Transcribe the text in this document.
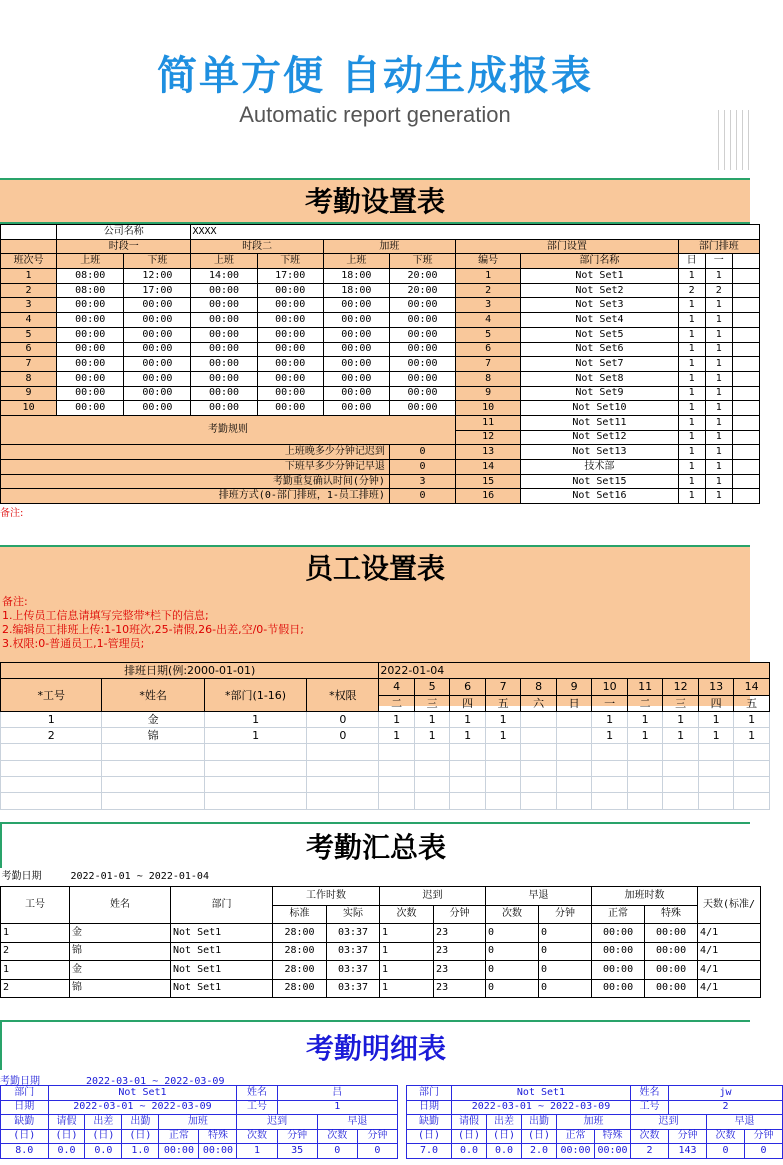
简单方便 自动生成报表
Automatic report generation
考勤设置表
	公司名称		XXXX								
	时段一		时段二		加班		部门设置		部门排班		
班次号	上班	下班	上班	下班	上班	下班	编号	部门名称	日	一	
1	08:00	12:00	14:00	17:00	18:00	20:00	1	Not Set1	1	1	
2	08:00	17:00	00:00	00:00	18:00	20:00	2	Not Set2	2	2	
3	00:00	00:00	00:00	00:00	00:00	00:00	3	Not Set3	1	1	
4	00:00	00:00	00:00	00:00	00:00	00:00	4	Not Set4	1	1	
5	00:00	00:00	00:00	00:00	00:00	00:00	5	Not Set5	1	1	
6	00:00	00:00	00:00	00:00	00:00	00:00	6	Not Set6	1	1	
7	00:00	00:00	00:00	00:00	00:00	00:00	7	Not Set7	1	1	
8	00:00	00:00	00:00	00:00	00:00	00:00	8	Not Set8	1	1	
9	00:00	00:00	00:00	00:00	00:00	00:00	9	Not Set9	1	1	
10	00:00	00:00	00:00	00:00	00:00	00:00	10	Not Set10	1	1	
考勤规则							11	Not Set11	1	1	
							12	Not Set12	1	1	
上班晚多少分钟记迟到						0	13	Not Set13	1	1	
下班早多少分钟记早退						0	14	技术部	1	1	
考勤重复确认时间(分钟)						3	15	Not Set15	1	1	
排班方式(0-部门排班，1-员工排班)						0	16	Not Set16	1	1	
备注:
员工设置表
备注:
1.上传员工信息请填写完整带*栏下的信息;
2.编辑员工排班上传:1-10班次,25-请假,26-出差,空/0-节假日;
3.权限:0-普通员工,1-管理员;
排班日期(例:2000-01-01)				2022-01-04										
*工号	*姓名	*部门(1-16)	*权限	4	5	6	7	8	9	10	11	12	13	14
				二	三	四	五	六	日	一	二	三	四	五
1	金	1	0	1	1	1	1			1	1	1	1	1
2	锦	1	0	1	1	1	1			1	1	1	1	1

考勤汇总表
考勤日期	2022-01-01 ~ 2022-01-04										
工号	姓名	部门	工作时数		迟到		早退		加班时数		天数(标准/
			标准	实际	次数	分钟	次数	分钟	正常	特殊	
1	金	Not Set1	28:00	03:37	1	23	0	0	00:00	00:00	4/1
2	锦	Not Set1	28:00	03:37	1	23	0	0	00:00	00:00	4/1
1	金	Not Set1	28:00	03:37	1	23	0	0	00:00	00:00	4/1
2	锦	Not Set1	28:00	03:37	1	23	0	0	00:00	00:00	4/1
考勤明细表
考勤日期	2022-03-01 ~ 2022-03-09
部门	Not Set1					姓名	吕		
日期	2022-03-01 ~ 2022-03-09					工号	1		
缺勤	请假	出差	出勤	加班		迟到		早退	
(日)	(日)	(日)	(日)	正常	特殊	次数	分钟	次数	分钟
8.0	0.0	0.0	1.0	00:00	00:00	1	35	0	0
部门	Not Set1					姓名	jw		
日期	2022-03-01 ~ 2022-03-09					工号	2		
缺勤	请假	出差	出勤	加班		迟到		早退	
(日)	(日)	(日)	(日)	正常	特殊	次数	分钟	次数	分钟
7.0	0.0	0.0	2.0	00:00	00:00	2	143	0	0
